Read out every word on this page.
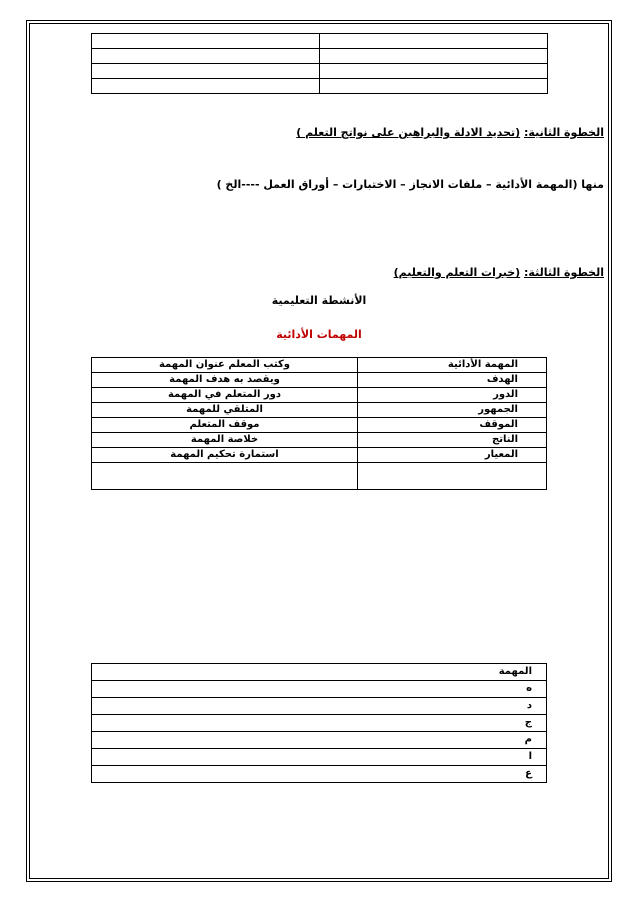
الخطوة الثانية: (تحديد الادلة والبراهين على نواتج التعلم )
منها (المهمة الأدائية – ملفات الانجاز – الاختبارات – أوراق العمل ----الخ )
الخطوة الثالثة: (خبرات التعلم والتعليم)
الأنشطة التعليمية
المهمات الأدائية
المهمة الأدائية	وكتب المعلم عنوان المهمة
الهدف	ويقصد به هدف المهمة
الدور	دور المتعلم في المهمة
الجمهور	المتلقي للمهمة
الموقف	موقف المتعلم
الناتج	خلاصة المهمة
المعيار	استمارة تحكيم المهمة

المهمة
ه
د
ج
م
ا
ع
